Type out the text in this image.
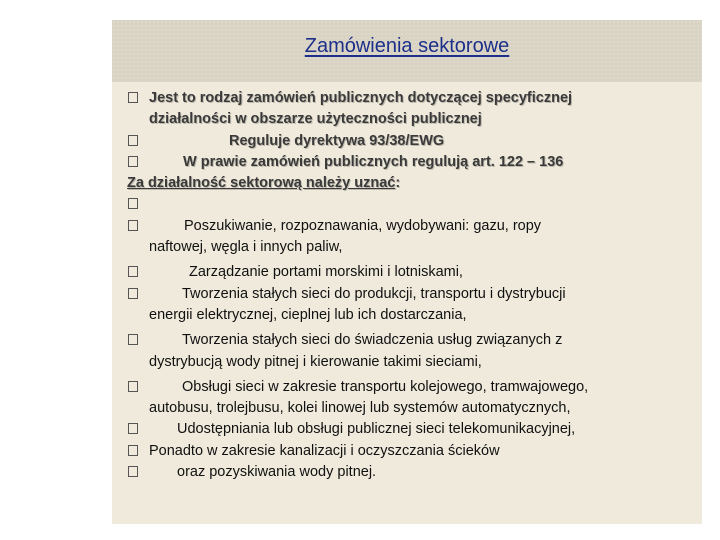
Zamówienia sektorowe
Jest to rodzaj zamówień publicznych dotyczącej specyficznej
działalności w obszarze użyteczności publicznej
Reguluje dyrektywa 93/38/EWG
W prawie zamówień publicznych regulują art. 122 – 136
Za działalność sektorową należy uznać:

Poszukiwanie, rozpoznawania, wydobywani: gazu, ropy
naftowej, węgla i innych paliw,
Zarządzanie portami morskimi i lotniskami,
Tworzenia stałych sieci do produkcji, transportu i dystrybucji
energii elektrycznej, cieplnej lub ich dostarczania,
Tworzenia stałych sieci do świadczenia usług związanych z
dystrybucją wody pitnej i kierowanie takimi sieciami,
Obsługi sieci w zakresie transportu kolejowego, tramwajowego,
autobusu, trolejbusu, kolei linowej lub systemów automatycznych,
Udostępniania lub obsługi publicznej sieci telekomunikacyjnej,
Ponadto w zakresie kanalizacji i oczyszczania ścieków
oraz pozyskiwania wody pitnej.
